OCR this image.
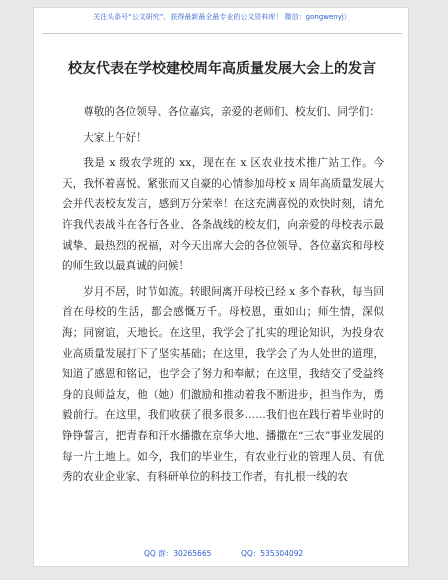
关注头条号“公文研究”，获得最新最全最专业的公文资料库！ 微信：gongwenyj）
校友代表在学校建校周年高质量发展大会上的发言

尊敬的各位领导、各位嘉宾，亲爱的老师们、校友们、同学们：

大家上午好！

我是 x 级农学班的 xx，现在在 x 区农业技术推广站工作。今天，我怀着喜悦、紧张而又自豪的心情参加母校 x 周年高质量发展大会并代表校友发言，感到万分荣幸！在这充满喜悦的欢快时刻，请允许我代表战斗在各行各业、各条战线的校友们，向亲爱的母校表示最诚挚、最热烈的祝福，对今天出席大会的各位领导、各位嘉宾和母校的师生致以最真诚的问候！

岁月不居，时节如流。转眼间离开母校已经 x 多个春秋，每当回首在母校的生活，都会感慨万千。母校恩，重如山；师生情，深似海；同窗谊，天地长。在这里，我学会了扎实的理论知识，为投身农业高质量发展打下了坚实基础；在这里，我学会了为人处世的道理，知道了感恩和铭记，也学会了努力和奉献；在这里，我结交了受益终身的良师益友，他（她）们激励和推动着我不断进步，担当作为，勇毅前行。在这里，我们收获了很多很多……我们也在践行着毕业时的铮铮誓言，把青春和汗水播撒在京华大地、播撒在“三农”事业发展的每一片土地上。如今，我们的毕业生，有农业行业的管理人员、有优秀的农业企业家、有科研单位的科技工作者，有扎根一线的农

QQ 群：30265665	QQ：535304092
